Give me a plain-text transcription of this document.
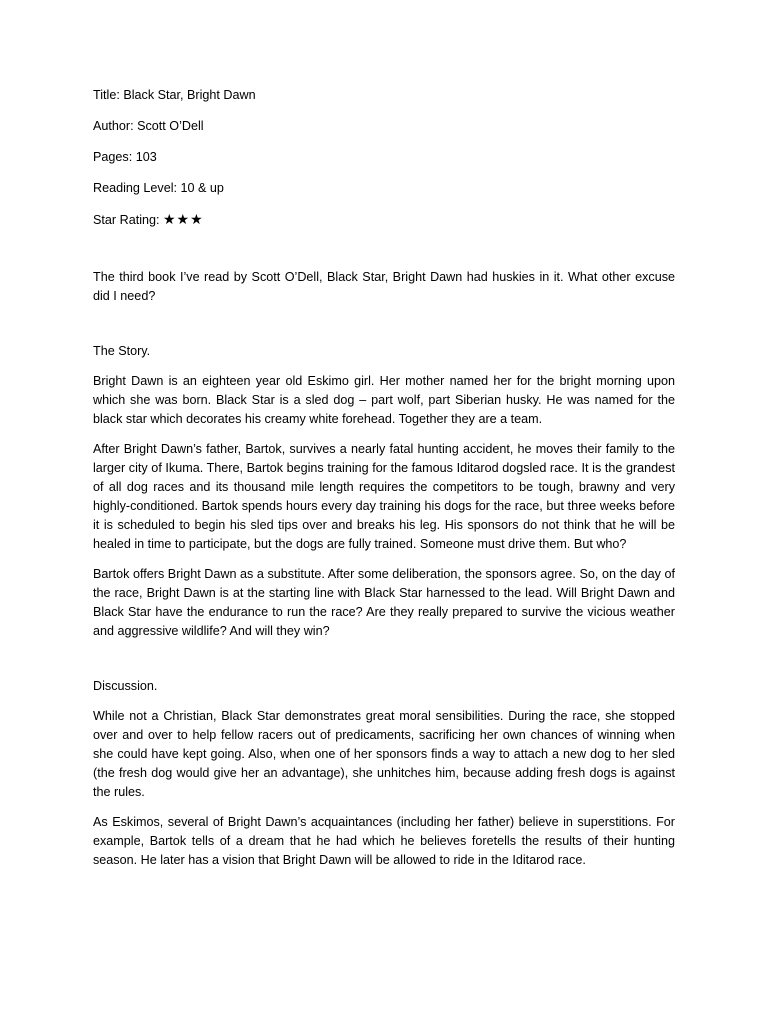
Title: Black Star, Bright Dawn
Author: Scott O’Dell
Pages: 103
Reading Level: 10 & up
Star Rating: ★★★

The third book I’ve read by Scott O’Dell, Black Star, Bright Dawn had huskies in it. What other excuse did I need?

The Story.

Bright Dawn is an eighteen year old Eskimo girl. Her mother named her for the bright morning upon which she was born. Black Star is a sled dog – part wolf, part Siberian husky. He was named for the black star which decorates his creamy white forehead. Together they are a team.

After Bright Dawn’s father, Bartok, survives a nearly fatal hunting accident, he moves their family to the larger city of Ikuma. There, Bartok begins training for the famous Iditarod dogsled race. It is the grandest of all dog races and its thousand mile length requires the competitors to be tough, brawny and very highly-conditioned. Bartok spends hours every day training his dogs for the race, but three weeks before it is scheduled to begin his sled tips over and breaks his leg. His sponsors do not think that he will be healed in time to participate, but the dogs are fully trained. Someone must drive them. But who?

Bartok offers Bright Dawn as a substitute. After some deliberation, the sponsors agree. So, on the day of the race, Bright Dawn is at the starting line with Black Star harnessed to the lead. Will Bright Dawn and Black Star have the endurance to run the race? Are they really prepared to survive the vicious weather and aggressive wildlife? And will they win?

Discussion.

While not a Christian, Black Star demonstrates great moral sensibilities. During the race, she stopped over and over to help fellow racers out of predicaments, sacrificing her own chances of winning when she could have kept going. Also, when one of her sponsors finds a way to attach a new dog to her sled (the fresh dog would give her an advantage), she unhitches him, because adding fresh dogs is against the rules.

As Eskimos, several of Bright Dawn’s acquaintances (including her father) believe in superstitions. For example, Bartok tells of a dream that he had which he believes foretells the results of their hunting season. He later has a vision that Bright Dawn will be allowed to ride in the Iditarod race.
